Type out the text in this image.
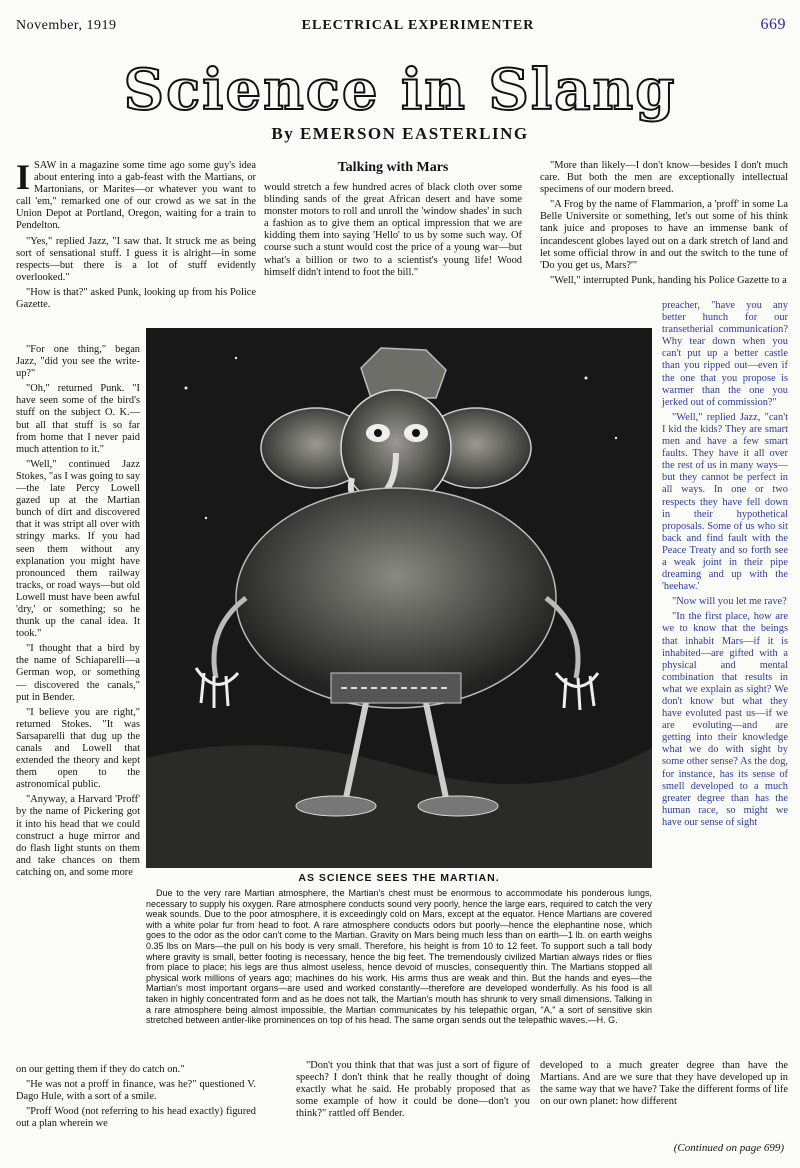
November, 1919	ELECTRICAL EXPERIMENTER	669
Science in Slang
By EMERSON EASTERLING

ISAW in a magazine some time ago some guy's idea about entering into a gab-feast with the Martians, or Martonians, or Marites—or whatever you want to call 'em," remarked one of our crowd as we sat in the Union Depot at Portland, Oregon, waiting for a train to Pendelton.

"Yes," replied Jazz, "I saw that. It struck me as being sort of sensational stuff. I guess it is alright—in some respects—but there is a lot of stuff evidently overlooked."

"How is that?" asked Punk, looking up from his Police Gazette.

"For one thing," began Jazz, "did you see the write-up?"

"Oh," returned Punk. "I have seen some of the bird's stuff on the subject O. K.—but all that stuff is so far from home that I never paid much attention to it."

"Well," continued Jazz Stokes, "as I was going to say—the late Percy Lowell gazed up at the Martian bunch of dirt and discovered that it was stript all over with stringy marks. If you had seen them without any explanation you might have pronounced them railway tracks, or road ways—but old Lowell must have been awful 'dry,' or something; so he thunk up the canal idea. It took."

"I thought that a bird by the name of Schiaparelli—a German wop, or something — discovered the canals," put in Bender.

"I believe you are right," returned Stokes. "It was Sarsaparelli that dug up the canals and Lowell that extended the theory and kept them open to the astronomical public.

"Anyway, a Harvard 'Proff' by the name of Pickering got it into his head that we could construct a huge mirror and do flash light stunts on them and take chances on them catching on, and some more

on our getting them if they do catch on."

"He was not a proff in finance, was he?" questioned V. Dago Hule, with a sort of a smile.

"Proff Wood (not referring to his head exactly) figured out a plan wherein we

Talking with Mars

would stretch a few hundred acres of black cloth over some blinding sands of the great African desert and have some monster motors to roll and unroll the 'window shades' in such a fashion as to give them an optical impression that we are kidding them into saying 'Hello' to us by some such way. Of course such a stunt would cost the price of a young war—but what's a billion or two to a scientist's young life! Wood himself didn't intend to foot the bill."

"Don't you think that that was just a sort of figure of speech? I don't think that he really thought of doing exactly what he said. He probably proposed that as some example of how it could be done—don't you think?" rattled off Bender.

"More than likely—I don't know—besides I don't much care. But both the men are exceptionally intellectual specimens of our modern breed.

"A Frog by the name of Flammarion, a 'proff' in some La Belle Universite or something, let's out some of his think tank juice and proposes to have an immense bank of incandescent globes layed out on a dark stretch of land and let some official throw in and out the switch to the tune of 'Do you get us, Mars?'"

"Well," interrupted Punk, handing his Police Gazette to a

preacher, "have you any better hunch for our transetherial communication? Why tear down when you can't put up a better castle than you ripped out—even if the one that you propose is warmer than the one you jerked out of commission?"

"Well," replied Jazz, "can't I kid the kids? They are smart men and have a few smart faults. They have it all over the rest of us in many ways—but they cannot be perfect in all ways. In one or two respects they have fell down in their hypothetical proposals. Some of us who sit back and find fault with the Peace Treaty and so forth see a weak joint in their pipe dreaming and up with the 'heehaw.'

"Now will you let me rave?

"In the first place, how are we to know that the beings that inhabit Mars—if it is inhabited—are gifted with a physical and mental combination that results in what we explain as sight? We don't know but what they have evoluted past us—if we are evoluting—and are getting into their knowledge what we do with sight by some other sense? As the dog, for instance, has its sense of smell developed to a much greater degree than has the human race, so might we have our sense of sight

developed to a much greater degree than have the Martians. And are we sure that they have developed up in the same way that we have? Take the different forms of life on our own planet: how different

(Continued on page 699)
AS SCIENCE SEES THE MARTIAN.
Due to the very rare Martian atmosphere, the Martian's chest must be enormous to accommodate his ponderous lungs, necessary to supply his oxygen. Rare atmosphere conducts sound very poorly, hence the large ears, required to catch the very weak sounds. Due to the poor atmosphere, it is exceedingly cold on Mars, except at the equator. Hence Martians are covered with a white polar fur from head to foot. A rare atmosphere conducts odors but poorly—hence the elephantine nose, which goes to the odor as the odor can't come to the Martian. Gravity on Mars being much less than on earth—1 lb. on earth weighs 0.35 lbs on Mars—the pull on his body is very small. Therefore, his height is from 10 to 12 feet. To support such a tall body where gravity is small, better footing is necessary, hence the big feet. The tremendously civilized Martian always rides or flies from place to place; his legs are thus almost useless, hence devoid of muscles, consequently thin. The Martians stopped all physical work millions of years ago; machines do his work. His arms thus are weak and thin. But the hands and eyes—the Martian's most important organs—are used and worked constantly—therefore are developed wonderfully. As his food is all taken in highly concentrated form and as he does not talk, the Martian's mouth has shrunk to very small dimensions. Talking in a rare atmosphere being almost impossible, the Martian communicates by his telepathic organ, "A," a sort of sensitive skin stretched between antler-like prominences on top of his head. The same organ sends out the telepathic waves.—H. G.
